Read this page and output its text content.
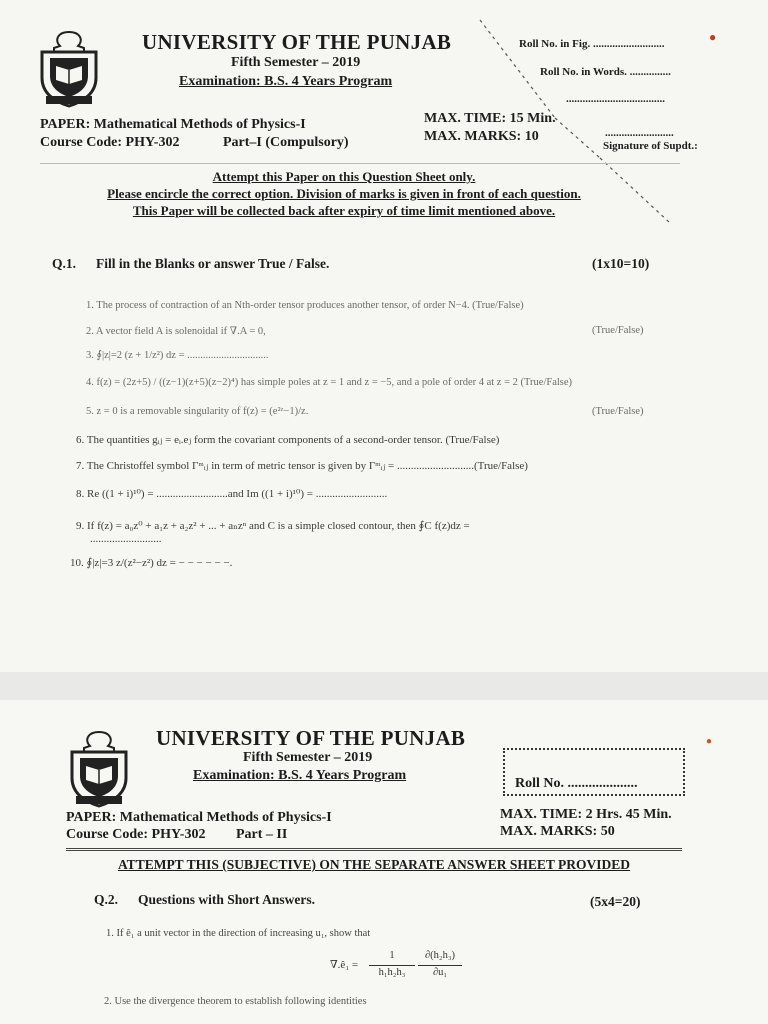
UNIVERSITY OF THE PUNJAB
Fifth Semester – 2019
Examination: B.S. 4 Years Program
Roll No. in Fig. ..........................	●
Roll No. in Words. ...............
....................................
PAPER: Mathematical Methods of Physics-I
Course Code: PHY-302	Part–I (Compulsory)
MAX. TIME: 15 Min.
MAX. MARKS: 10	.........................
Signature of Supdt.:
Attempt this Paper on this Question Sheet only.
Please encircle the correct option. Division of marks is given in front of each question.
This Paper will be collected back after expiry of time limit mentioned above.
Q.1. Fill in the Blanks or answer True / False.	(1x10=10)
1. The process of contraction of an Nth-order tensor produces another tensor, of order N−4. (True/False)
2. A vector field A is solenoidal if ∇.A = 0,	(True/False)
3. ∮|z|=2 (z + 1/z²) dz = ...............................
4. f(z) = (2z+5) / ((z−1)(z+5)(z−2)⁴) has simple poles at z = 1 and z = −5, and a pole of order 4 at z = 2 (True/False)
5. z = 0 is a removable singularity of f(z) = (e²ᶻ−1)/z.	(True/False)
6. The quantities gᵢⱼ = eᵢ.eⱼ form the covariant components of a second-order tensor. (True/False)
7. The Christoffel symbol Γᵐᵢⱼ in term of metric tensor is given by Γᵐᵢⱼ = ............................(True/False)
8. Re ((1 + i)¹⁰) = ..........................and Im ((1 + i)¹⁰) = ..........................
9. If f(z) = a₀z⁰ + a₁z + a₂z² + ... + aₙzⁿ and C is a simple closed contour, then ∮C f(z)dz =
..........................
10. ∮|z|=3 z/(z²−z²) dz = − − − − − −.
UNIVERSITY OF THE PUNJAB
Fifth Semester – 2019
Examination: B.S. 4 Years Program
●
Roll No. ....................
PAPER: Mathematical Methods of Physics-I
Course Code: PHY-302 Part – II
MAX. TIME: 2 Hrs. 45 Min.
MAX. MARKS: 50
ATTEMPT THIS (SUBJECTIVE) ON THE SEPARATE ANSWER SHEET PROVIDED
Q.2. Questions with Short Answers.	(5x4=20)
1. If ê₁ a unit vector in the direction of increasing u₁, show that
∇.ê₁ =
1
h₁h₂h₃
∂(h₂h₃)
∂u₁
2. Use the divergence theorem to establish following identities
